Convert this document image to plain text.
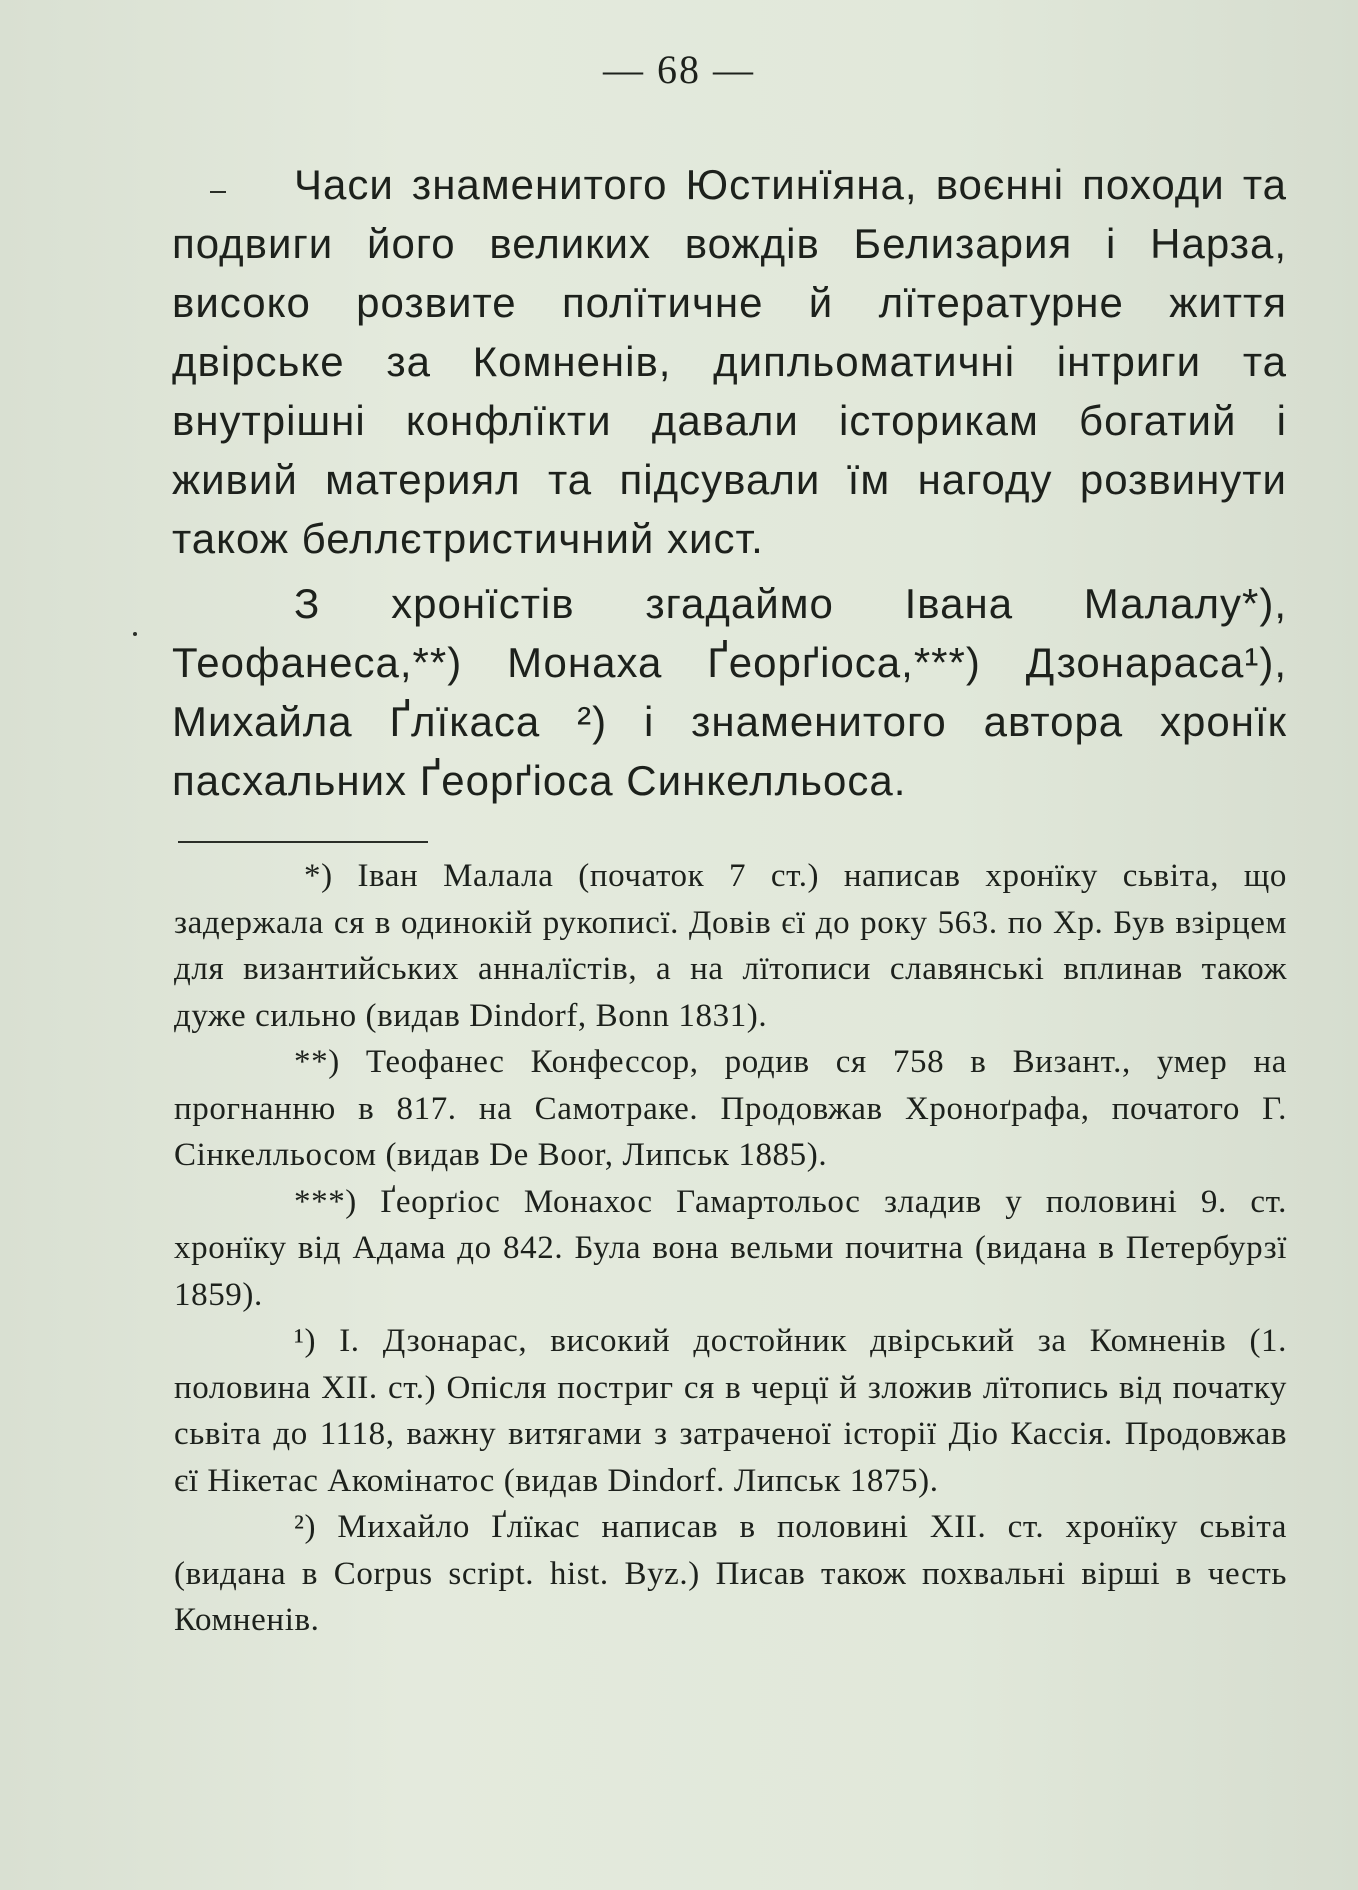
— 68 —

Часи знаменитого Юстинїяна, воєнні походи та подвиги його великих вождів Белизария і Нарза, високо розвите полїтичне й лїтературне життя двірське за Комненів, дипльоматичні інтриги та внутрішні конфлїкти давали історикам богатий і живий материял та підсували їм нагоду розвинути також беллєтристичний хист.

З хронїстів згадаймо Івана Малалу*), Теофанеса,**) Монаха Ґеорґіоса,***) Дзонараса¹), Михайла Ґлїкаса ²) і знаменитого автора хронїк пасхальних Ґеорґіоса Синкелльоса.

*) Іван Малала (початок 7 ст.) написав хронїку сьвіта, що задержала ся в одинокій рукописї. Довів єї до року 563. по Хр. Був взірцем для византийських анналїстів, а на лїтописи славянські вплинав також дуже сильно (видав Dindorf, Bonn 1831).

**) Теофанес Конфессор, родив ся 758 в Визант., умер на прогнанню в 817. на Самотраке. Продовжав Хроноґрафа, початого Г. Сінкелльосом (видав De Boor, Липськ 1885).

***) Ґеорґіос Монахос Гамартольос зладив у половині 9. ст. хронїку від Адама до 842. Була вона вельми почитна (видана в Петербурзї 1859).

¹) І. Дзонарас, високий достойник двірський за Комненів (1. половина XII. ст.) Опісля постриг ся в черцї й зложив лїтопись від початку сьвіта до 1118, важну витягами з затраченої історії Діо Кассія. Продовжав єї Нікетас Акомінатос (видав Dindorf. Липськ 1875).

²) Михайло Ґлїкас написав в половині XII. ст. хронїку сьвіта (видана в Corpus script. hist. Byz.) Писав також похвальні вірші в честь Комненів.
